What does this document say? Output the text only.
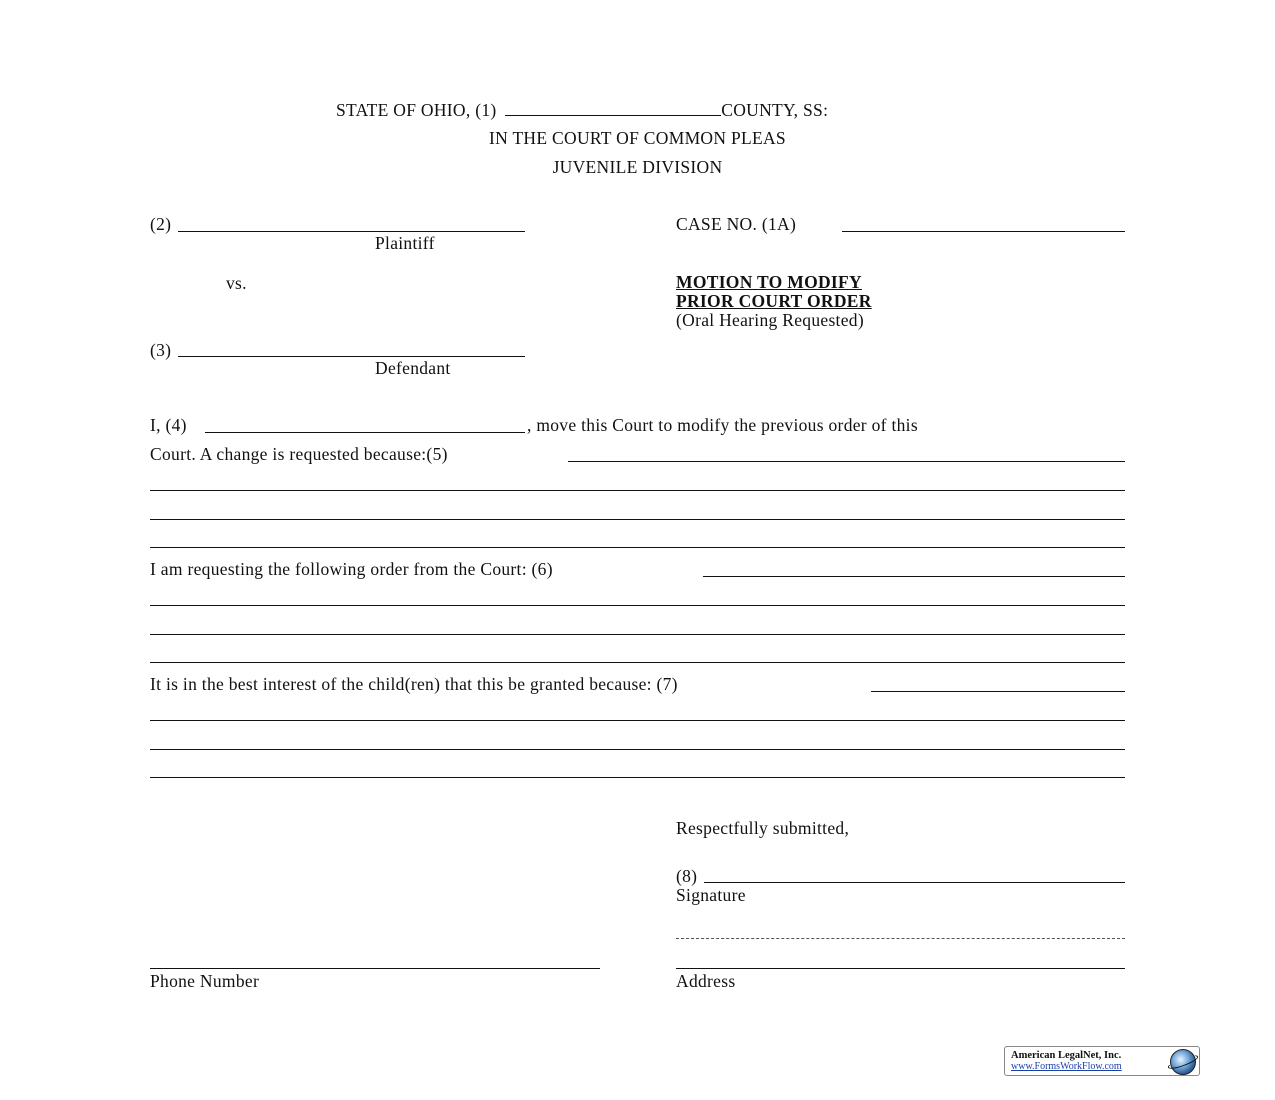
STATE OF OHIO, (1)	COUNTY, SS:
IN THE COURT OF COMMON PLEAS
JUVENILE DIVISION
(2)
Plaintiff
CASE NO. (1A)
vs.	MOTION TO MODIFY
PRIOR COURT ORDER
(Oral Hearing Requested)
(3)
Defendant
I, (4)	, move this Court to modify the previous order of this
Court. A change is requested because:(5)
I am requesting the following order from the Court: (6)
It is in the best interest of the child(ren) that this be granted because: (7)
Respectfully submitted,
(8)
Signature
Address
Phone Number
American LegalNet, Inc.
www.FormsWorkFlow.com
